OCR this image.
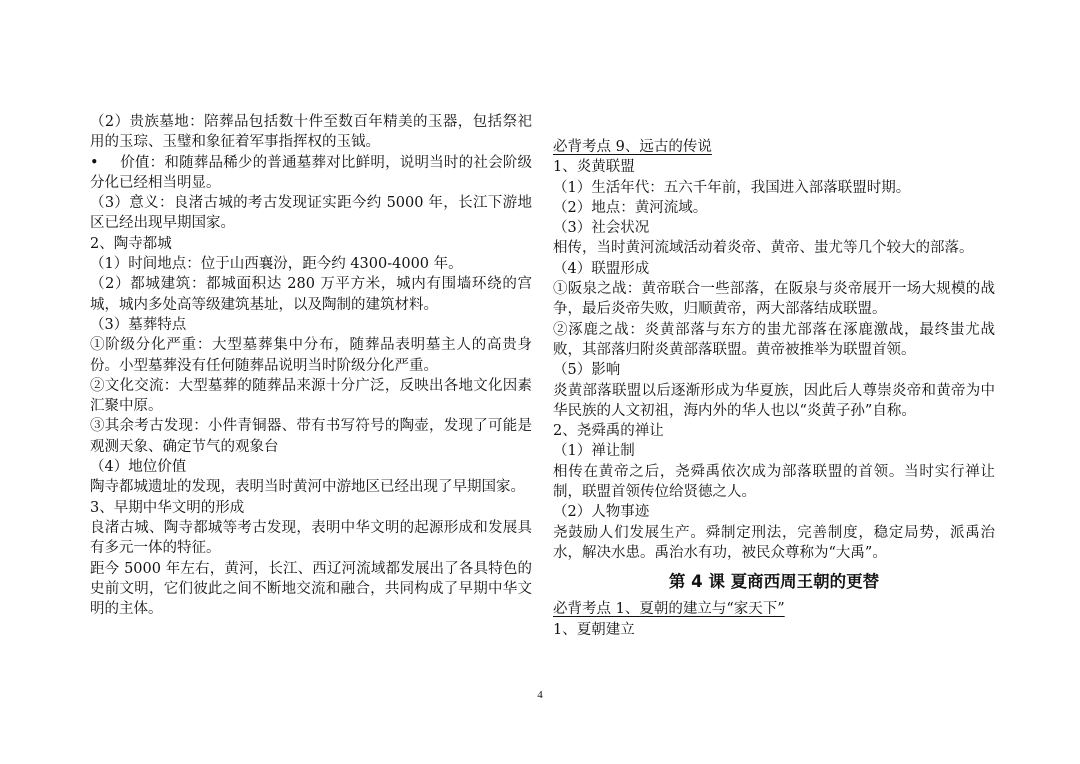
（2）贵族墓地：陪葬品包括数十件至数百年精美的玉器，包括祭祀用的玉琮、玉璧和象征着军事指挥权的玉钺。

• 价值：和随葬品稀少的普通墓葬对比鲜明，说明当时的社会阶级分化已经相当明显。

（3）意义：良渚古城的考古发现证实距今约 5000 年，长江下游地区已经出现早期国家。

2、陶寺都城

（1）时间地点：位于山西襄汾，距今约 4300-4000 年。

（2）都城建筑：都城面积达 280 万平方米，城内有围墙环绕的宫城，城内多处高等级建筑基址，以及陶制的建筑材料。

（3）墓葬特点

①阶级分化严重：大型墓葬集中分布，随葬品表明墓主人的高贵身份。小型墓葬没有任何随葬品说明当时阶级分化严重。

②文化交流：大型墓葬的随葬品来源十分广泛，反映出各地文化因素汇聚中原。

③其余考古发现：小件青铜器、带有书写符号的陶壶，发现了可能是观测天象、确定节气的观象台

（4）地位价值

陶寺都城遗址的发现，表明当时黄河中游地区已经出现了早期国家。

3、早期中华文明的形成

良渚古城、陶寺都城等考古发现，表明中华文明的起源形成和发展具有多元一体的特征。

距今 5000 年左右，黄河，长江、西辽河流域都发展出了各具特色的史前文明，它们彼此之间不断地交流和融合，共同构成了早期中华文明的主体。

必背考点 9、远古的传说

1、炎黄联盟

（1）生活年代：五六千年前，我国进入部落联盟时期。

（2）地点：黄河流域。

（3）社会状况

相传，当时黄河流域活动着炎帝、黄帝、蚩尤等几个较大的部落。

（4）联盟形成

①阪泉之战：黄帝联合一些部落，在阪泉与炎帝展开一场大规模的战争，最后炎帝失败，归顺黄帝，两大部落结成联盟。

②涿鹿之战：炎黄部落与东方的蚩尤部落在涿鹿激战，最终蚩尤战败，其部落归附炎黄部落联盟。黄帝被推举为联盟首领。

（5）影响

炎黄部落联盟以后逐渐形成为华夏族，因此后人尊崇炎帝和黄帝为中华民族的人文初祖，海内外的华人也以“炎黄子孙”自称。

2、尧舜禹的禅让

（1）禅让制

相传在黄帝之后，尧舜禹依次成为部落联盟的首领。当时实行禅让制，联盟首领传位给贤德之人。

（2）人物事迹

尧鼓励人们发展生产。舜制定刑法，完善制度，稳定局势，派禹治水，解决水患。禹治水有功，被民众尊称为“大禹”。

第 4 课 夏商西周王朝的更替

必背考点 1、夏朝的建立与“家天下”

1、夏朝建立

4
